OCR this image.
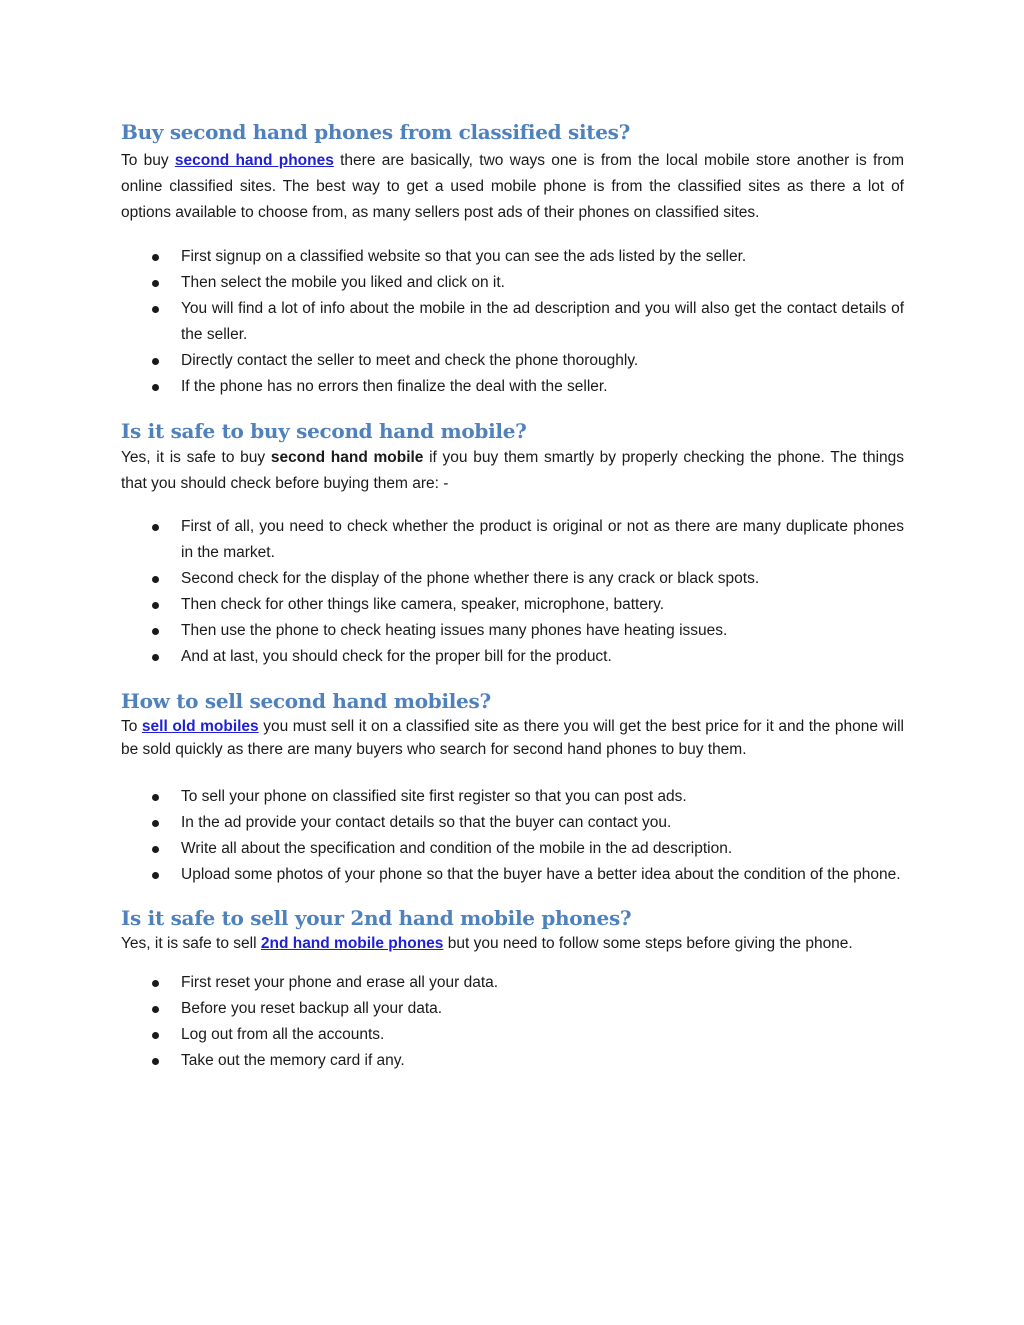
Buy second hand phones from classified sites?

To buy second hand phones there are basically, two ways one is from the local mobile store another is from online classified sites. The best way to get a used mobile phone is from the classified sites as there a lot of options available to choose from, as many sellers post ads of their phones on classified sites.

First signup on a classified website so that you can see the ads listed by the seller.
Then select the mobile you liked and click on it.
You will find a lot of info about the mobile in the ad description and you will also get the contact details of the seller.
Directly contact the seller to meet and check the phone thoroughly.
If the phone has no errors then finalize the deal with the seller.
Is it safe to buy second hand mobile?

Yes, it is safe to buy second hand mobile if you buy them smartly by properly checking the phone. The things that you should check before buying them are: -

First of all, you need to check whether the product is original or not as there are many duplicate phones in the market.
Second check for the display of the phone whether there is any crack or black spots.
Then check for other things like camera, speaker, microphone, battery.
Then use the phone to check heating issues many phones have heating issues.
And at last, you should check for the proper bill for the product.
How to sell second hand mobiles?

To sell old mobiles you must sell it on a classified site as there you will get the best price for it and the phone will be sold quickly as there are many buyers who search for second hand phones to buy them.

To sell your phone on classified site first register so that you can post ads.
In the ad provide your contact details so that the buyer can contact you.
Write all about the specification and condition of the mobile in the ad description.
Upload some photos of your phone so that the buyer have a better idea about the condition of the phone.
Is it safe to sell your 2nd hand mobile phones?

Yes, it is safe to sell 2nd hand mobile phones but you need to follow some steps before giving the phone.

First reset your phone and erase all your data.
Before you reset backup all your data.
Log out from all the accounts.
Take out the memory card if any.
